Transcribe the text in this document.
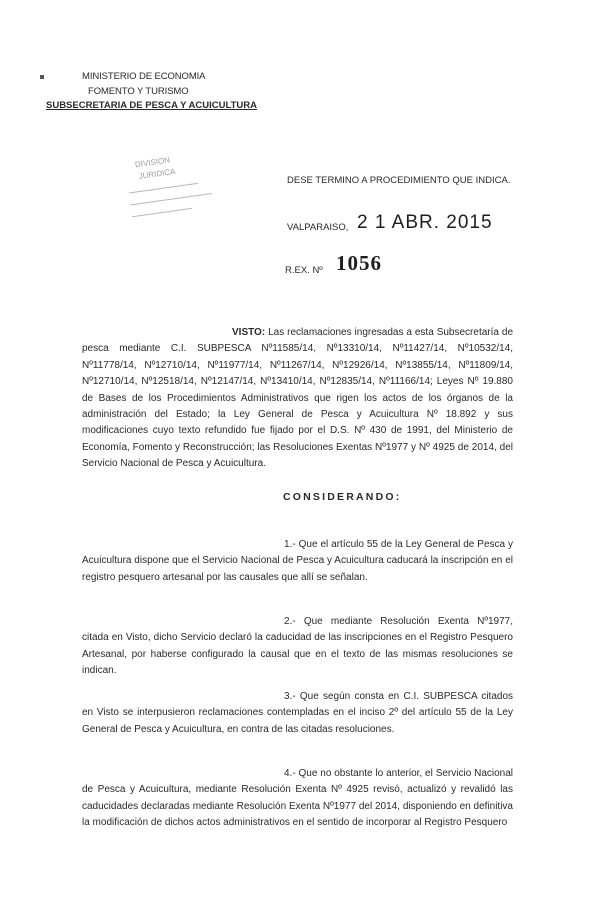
MINISTERIO DE ECONOMIA
FOMENTO Y TURISMO
SUBSECRETARIA DE PESCA Y ACUICULTURA
DIVISION
JURIDICA	DESE TERMINO A PROCEDIMIENTO QUE INDICA.
VALPARAISO, 2 1 ABR. 2015
R.EX. Nº 1056
VISTO: Las reclamaciones ingresadas a esta Subsecretaría de pesca mediante C.I. SUBPESCA Nº11585/14, Nº13310/14, Nº11427/14, Nº10532/14, Nº11778/14, Nº12710/14, Nº11977/14, Nº11267/14, Nº12926/14, Nº13855/14, Nº11809/14, Nº12710/14, Nº12518/14, Nº12147/14, Nº13410/14, Nº12835/14, Nº11166/14; Leyes Nº 19.880 de Bases de los Procedimientos Administrativos que rigen los actos de los órganos de la administración del Estado; la Ley General de Pesca y Acuicultura Nº 18.892 y sus modificaciones cuyo texto refundido fue fijado por el D.S. Nº 430 de 1991, del Ministerio de Economía, Fomento y Reconstrucción; las Resoluciones Exentas Nº1977 y Nº 4925 de 2014, del Servicio Nacional de Pesca y Acuicultura.
CONSIDERANDO:
1.- Que el artículo 55 de la Ley General de Pesca y Acuicultura dispone que el Servicio Nacional de Pesca y Acuicultura caducará la inscripción en el registro pesquero artesanal por las causales que allí se señalan.
2.- Que mediante Resolución Exenta Nº1977, citada en Visto, dicho Servicio declaró la caducidad de las inscripciones en el Registro Pesquero Artesanal, por haberse configurado la causal que en el texto de las mismas resoluciones se indican.
3.- Que según consta en C.I. SUBPESCA citados en Visto se interpusieron reclamaciones contempladas en el inciso 2º del artículo 55 de la Ley General de Pesca y Acuicultura, en contra de las citadas resoluciones.
4.- Que no obstante lo anterior, el Servicio Nacional de Pesca y Acuicultura, mediante Resolución Exenta Nº 4925 revisó, actualizó y revalidó las caducidades declaradas mediante Resolución Exenta Nº1977 del 2014, disponiendo en definitiva la modificación de dichos actos administrativos en el sentido de incorporar al Registro Pesquero
